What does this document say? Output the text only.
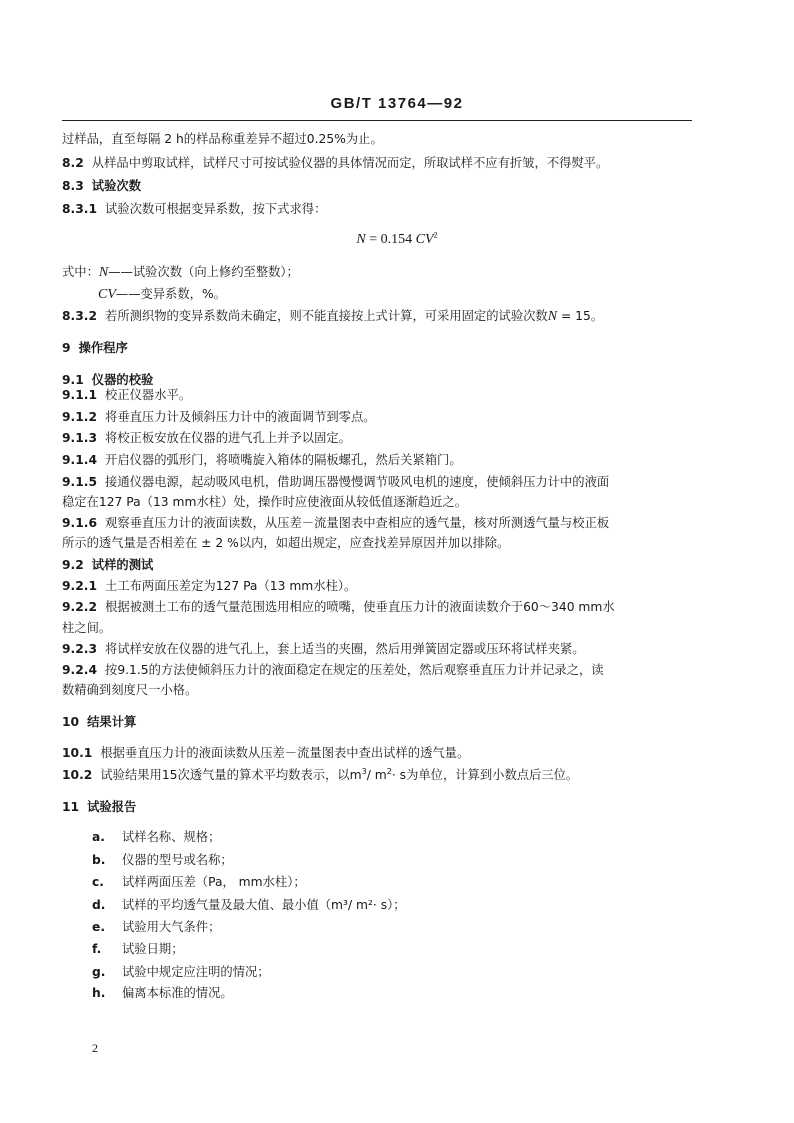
GB/T 13764—92
过样品，直至每隔 2 h的样品称重差异不超过0.25%为止。
8.2 从样品中剪取试样，试样尺寸可按试验仪器的具体情况而定，所取试样不应有折皱，不得熨平。
8.3 试验次数
8.3.1 试验次数可根据变异系数，按下式求得：
N = 0.154 $CV^2$
式中：N——试验次数（向上修约至整数）；
CV——变异系数，%。
8.3.2 若所测织物的变异系数尚未确定，则不能直接按上式计算，可采用固定的试验次数N = 15。
9 操作程序
9.1 仪器的校验
9.1.1 校正仪器水平。
9.1.2 将垂直压力计及倾斜压力计中的液面调节到零点。
9.1.3 将校正板安放在仪器的进气孔上并予以固定。
9.1.4 开启仪器的弧形门，将喷嘴旋入箱体的隔板螺孔，然后关紧箱门。
9.1.5 接通仪器电源，起动吸风电机，借助调压器慢慢调节吸风电机的速度，使倾斜压力计中的液面
稳定在127 Pa（13 mm水柱）处，操作时应使液面从较低值逐渐趋近之。
9.1.6 观察垂直压力计的液面读数，从压差－流量图表中查相应的透气量，核对所测透气量与校正板
所示的透气量是否相差在 ± 2 %以内，如超出规定，应查找差异原因并加以排除。
9.2 试样的测试
9.2.1 土工布两面压差定为127 Pa（13 mm水柱）。
9.2.2 根据被测土工布的透气量范围选用相应的喷嘴，使垂直压力计的液面读数介于60～340 mm水
柱之间。
9.2.3 将试样安放在仪器的进气孔上，套上适当的夹圈，然后用弹簧固定器或压环将试样夹紧。
9.2.4 按9.1.5的方法使倾斜压力计的液面稳定在规定的压差处，然后观察垂直压力计并记录之，读
数精确到刻度尺一小格。
10 结果计算
10.1 根据垂直压力计的液面读数从压差－流量图表中查出试样的透气量。
10.2 试验结果用15次透气量的算术平均数表示，以$m^3/$ $m^2\cdot s$为单位，计算到小数点后三位。
11 试验报告
a. 试样名称、规格；
b. 仪器的型号或名称；
c. 试样两面压差（Pa， mm水柱）；
d. 试样的平均透气量及最大值、最小值（m³/ m²· s）；
e. 试验用大气条件；
f. 试验日期；
g. 试验中规定应注明的情况；
h. 偏离本标准的情况。
2
